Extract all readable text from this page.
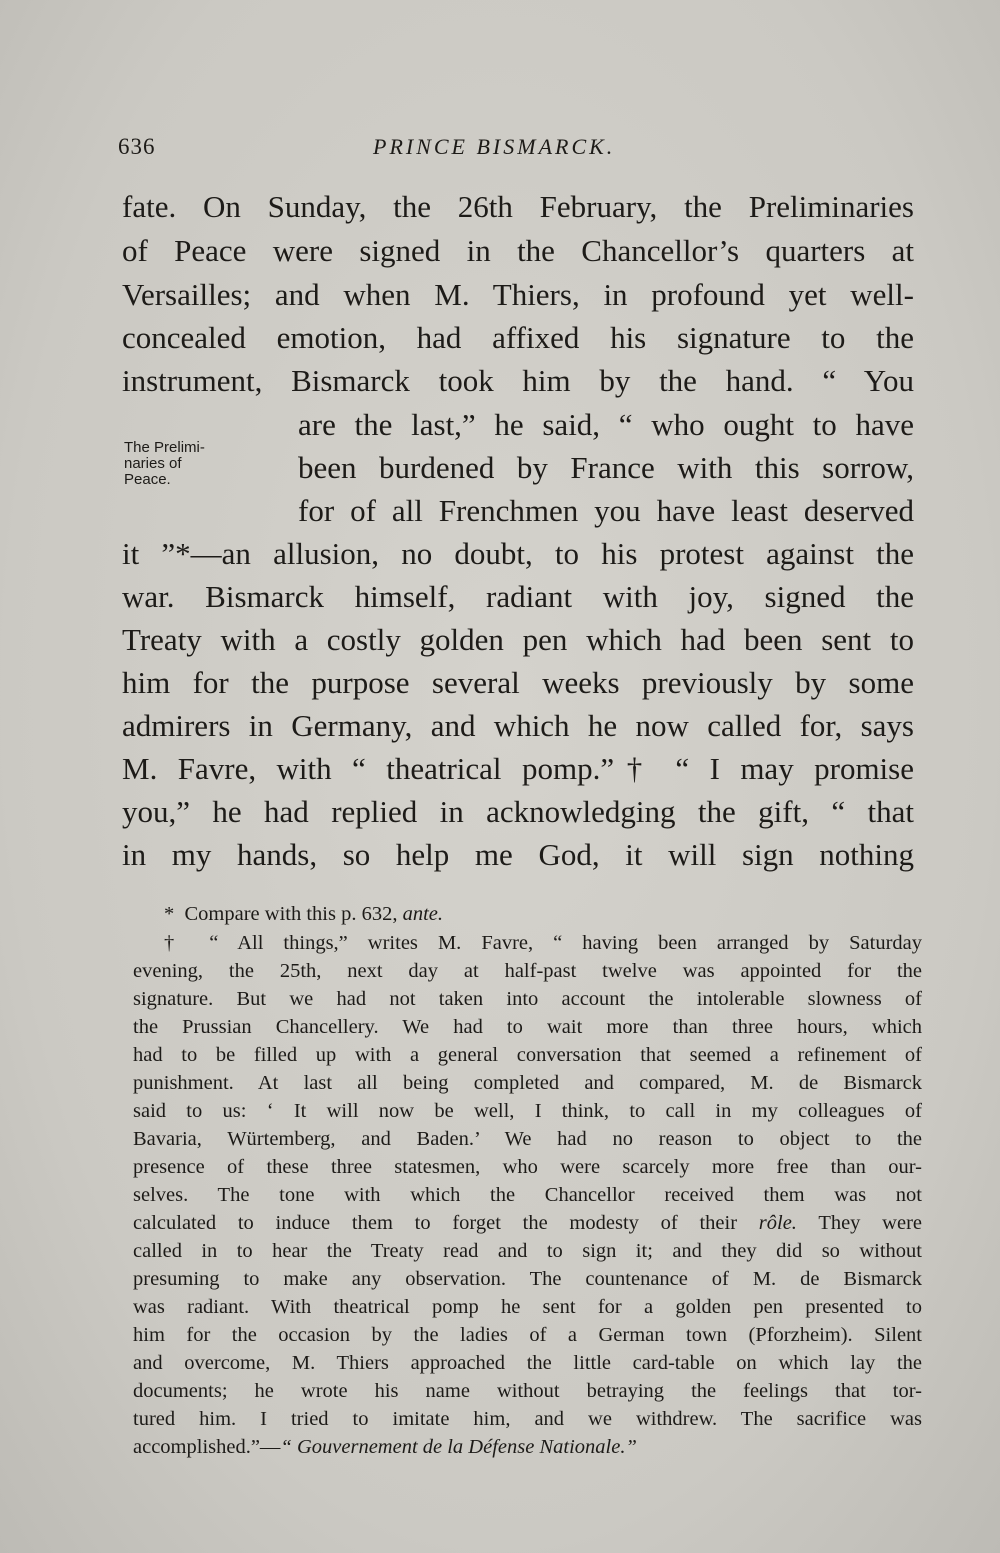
636	PRINCE BISMARCK.
fate. On Sunday, the 26th February, the Preliminaries
of Peace were signed in the Chancellor’s quarters at
Versailles; and when M. Thiers, in profound yet well-
concealed emotion, had affixed his signature to the
instrument, Bismarck took him by the hand. “ You
are the last,” he said, “ who ought to have
been burdened by France with this sorrow,
for of all Frenchmen you have least deserved
it ”*—an allusion, no doubt, to his protest against the
war. Bismarck himself, radiant with joy, signed the
Treaty with a costly golden pen which had been sent to
him for the purpose several weeks previously by some
admirers in Germany, and which he now called for, says
M. Favre, with “ theatrical pomp.”† “ I may promise
you,” he had replied in acknowledging the gift, “ that
in my hands, so help me God, it will sign nothing
The Prelimi-
naries of
Peace.
* Compare with this p. 632, ante.
† “ All things,” writes M. Favre, “ having been arranged by Saturday
evening, the 25th, next day at half-past twelve was appointed for the
signature. But we had not taken into account the intolerable slowness of
the Prussian Chancellery. We had to wait more than three hours, which
had to be filled up with a general conversation that seemed a refinement of
punishment. At last all being completed and compared, M. de Bismarck
said to us: ‘ It will now be well, I think, to call in my colleagues of
Bavaria, Würtemberg, and Baden.’ We had no reason to object to the
presence of these three statesmen, who were scarcely more free than our-
selves. The tone with which the Chancellor received them was not
calculated to induce them to forget the modesty of their rôle. They were
called in to hear the Treaty read and to sign it; and they did so without
presuming to make any observation. The countenance of M. de Bismarck
was radiant. With theatrical pomp he sent for a golden pen presented to
him for the occasion by the ladies of a German town (Pforzheim). Silent
and overcome, M. Thiers approached the little card-table on which lay the
documents; he wrote his name without betraying the feelings that tor-
tured him. I tried to imitate him, and we withdrew. The sacrifice was
accomplished.”—“ Gouvernement de la Défense Nationale.”
